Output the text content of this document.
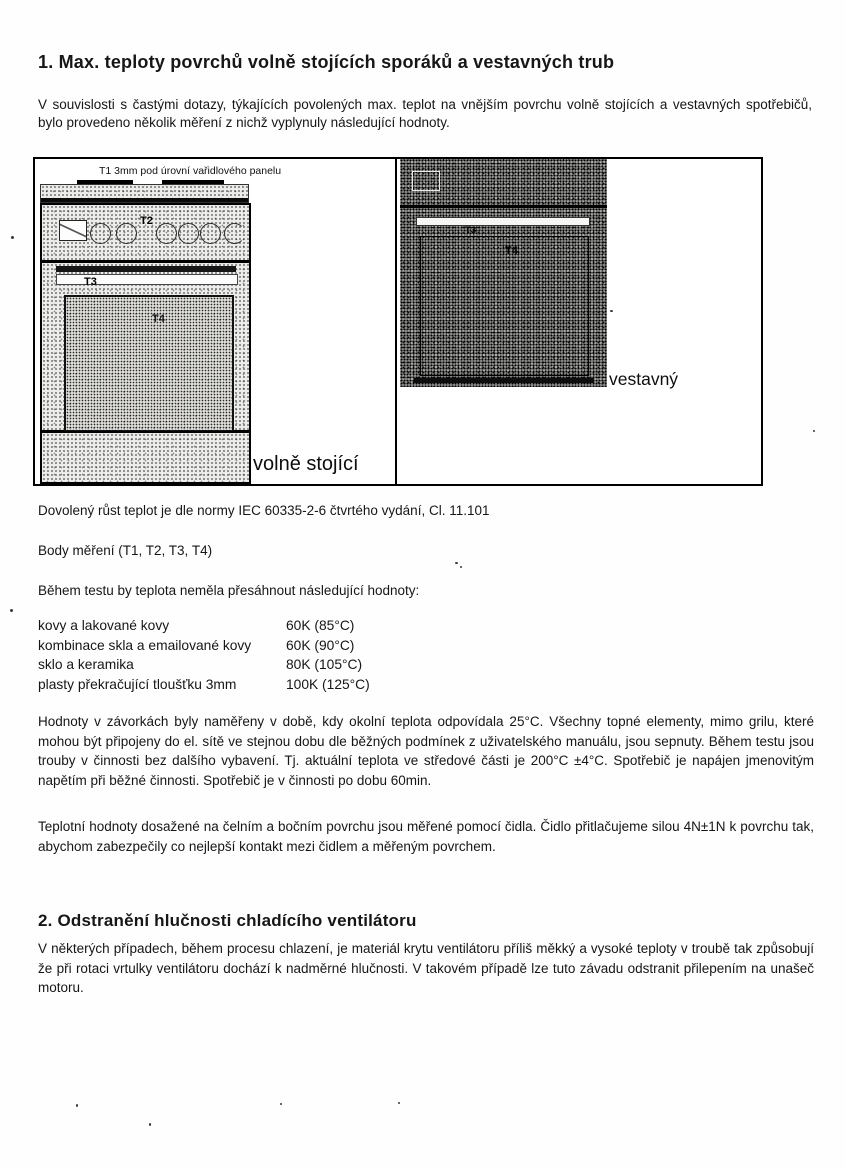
1. Max. teploty povrchů volně stojících sporáků a vestavných trub
V souvislosti s častými dotazy, týkajících povolených max. teplot na vnějším povrchu volně stojících a vestavných spotřebičů, bylo provedeno několik měření z nichž vyplynuly následující hodnoty.
T1 3mm pod úrovní vařidlového panelu
T2
T3
T4
volně stojící
T3
T4
vestavný
Dovolený růst teplot je dle normy IEC 60335-2-6 čtvrtého vydání, Cl. 11.101
Body měření (T1, T2, T3, T4)
Během testu by teplota neměla přesáhnout následující hodnoty:
kovy a lakované kovy	60K (85°C)
kombinace skla a emailované kovy	60K (90°C)
sklo a keramika	80K (105°C)
plasty překračující tloušťku 3mm	100K (125°C)
Hodnoty v závorkách byly naměřeny v době, kdy okolní teplota odpovídala 25°C. Všechny topné elementy, mimo grilu, které mohou být připojeny do el. sítě ve stejnou dobu dle běžných podmínek z uživatelského manuálu, jsou sepnuty. Během testu jsou trouby v činnosti bez dalšího vybavení. Tj. aktuální teplota ve středové části je 200°C ±4°C. Spotřebič je napájen jmenovitým napětím při běžné činnosti. Spotřebič je v činnosti po dobu 60min.
Teplotní hodnoty dosažené na čelním a bočním povrchu jsou měřené pomocí čidla. Čidlo přitlačujeme silou 4N±1N k povrchu tak, abychom zabezpečily co nejlepší kontakt mezi čidlem a měřeným povrchem.
2. Odstranění hlučnosti chladícího ventilátoru
V některých případech, během procesu chlazení, je materiál krytu ventilátoru příliš měkký a vysoké teploty v troubě tak způsobují že při rotaci vrtulky ventilátoru dochází k nadměrné hlučnosti. V takovém případě lze tuto závadu odstranit přilepením na unašeč motoru.
